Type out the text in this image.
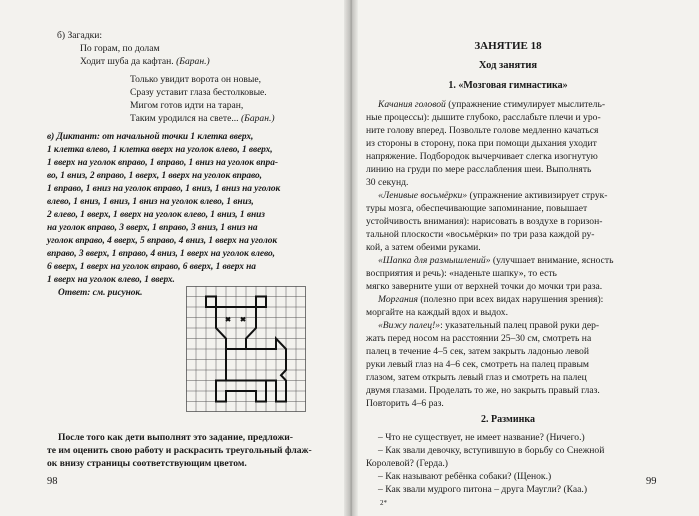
б) Загадки:
По горам, по долам
Ходит шуба да кафтан. (Баран.)
Только увидит ворота он новые,
Сразу уставит глаза бестолковые.
Мигом готов идти на таран,
Таким уродился на свете... (Баран.)
в) Диктант: от начальной точки 1 клетка вверх,
1 клетка влево, 1 клетка вверх на уголок влево, 1 вверх,
1 вверх на уголок вправо, 1 вправо, 1 вниз на уголок впра-
во, 1 вниз, 2 вправо, 1 вверх, 1 вверх на уголок вправо,
1 вправо, 1 вниз на уголок вправо, 1 вниз, 1 вниз на уголок
влево, 1 вниз, 1 вниз, 1 вниз на уголок влево, 1 вниз,
2 влево, 1 вверх, 1 вверх на уголок влево, 1 вниз, 1 вниз
на уголок вправо, 3 вверх, 1 вправо, 3 вниз, 1 вниз на
уголок вправо, 4 вверх, 5 вправо, 4 вниз, 1 вверх на уголок
вправо, 3 вверх, 1 вправо, 4 вниз, 1 вверх на уголок влево,
6 вверх, 1 вверх на уголок вправо, 6 вверх, 1 вверх на
1 вверх на уголок влево, 1 вверх.
Ответ: см. рисунок.
После того как дети выполнят это задание, предложи-
те им оценить свою работу и раскрасить треугольный флаж-
ок внизу страницы соответствующим цветом.
98
ЗАНЯТИЕ 18
Ход занятия
1. «Мозговая гимнастика»
Качания головой (упражнение стимулирует мыслитель-
ные процессы): дышите глубоко, расслабьте плечи и уро-
ните голову вперед. Позвольте голове медленно качаться
из стороны в сторону, пока при помощи дыхания уходит
напряжение. Подбородок вычерчивает слегка изогнутую
линию на груди по мере расслабления шеи. Выполнять
30 секунд.
«Ленивые восьмёрки» (упражнение активизирует струк-
туры мозга, обеспечивающие запоминание, повышает
устойчивость внимания): нарисовать в воздухе в горизон-
тальной плоскости «восьмёрки» по три раза каждой ру-
кой, а затем обеими руками.
«Шапка для размышлений» (улучшает внимание, ясность
восприятия и речь): «наденьте шапку», то есть
мягко заверните уши от верхней точки до мочки три раза.
Моргания (полезно при всех видах нарушения зрения):
моргайте на каждый вдох и выдох.
«Вижу палец!»: указательный палец правой руки дер-
жать перед носом на расстоянии 25–30 см, смотреть на
палец в течение 4–5 сек, затем закрыть ладонью левой
руки левый глаз на 4–6 сек, смотреть на палец правым
глазом, затем открыть левый глаз и смотреть на палец
двумя глазами. Проделать то же, но закрыть правый глаз.
Повторить 4–6 раз.
2. Разминка
– Что не существует, не имеет название? (Ничего.)
– Как звали девочку, вступившую в борьбу со Снежной
Королевой? (Герда.)
– Как называют ребёнка собаки? (Щенок.)
– Как звали мудрого питона – друга Маугли? (Каа.)
2*
99
